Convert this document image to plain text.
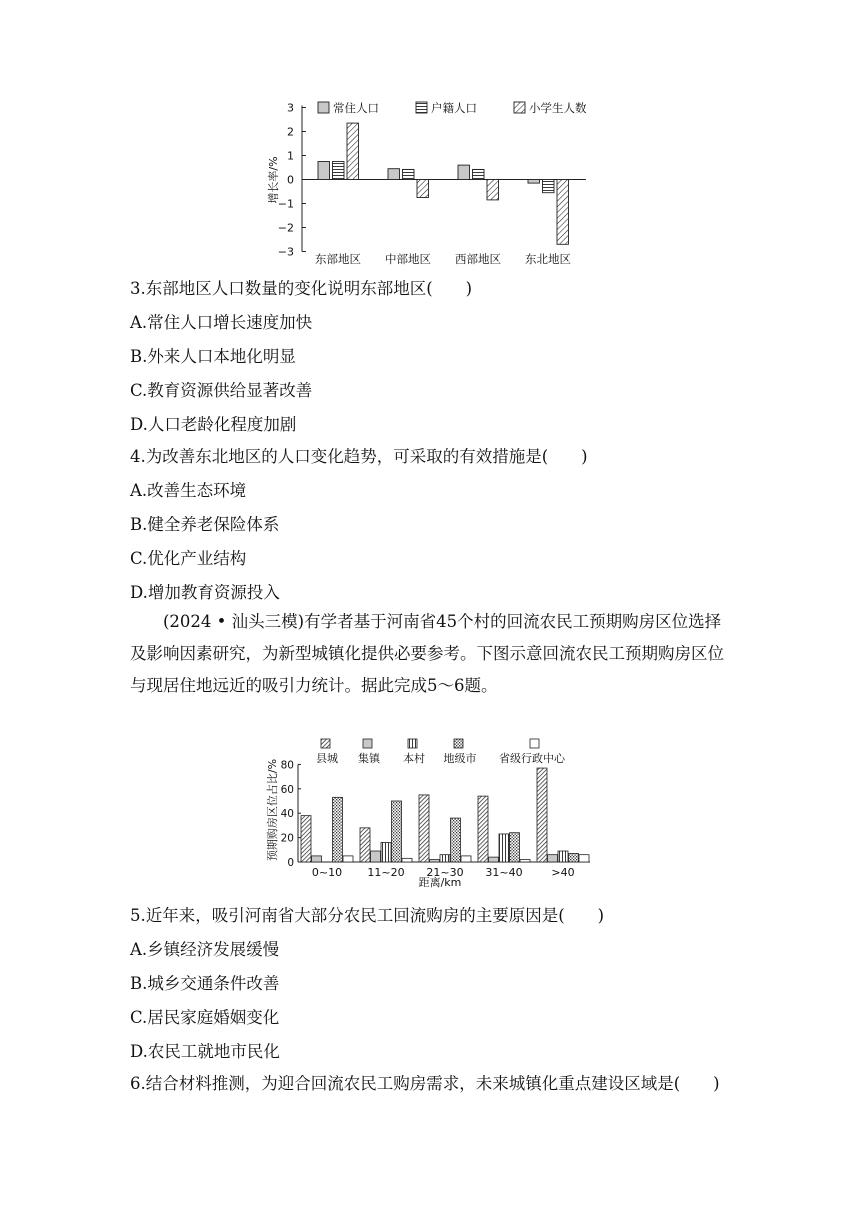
3
2
1
0
−1
−2
−3 东部地区 中部地区 西部地区 东北地区
常住人口	户籍人口	小学生人数
增长率/%
3.东部地区人口数量的变化说明东部地区(　　)
A.常住人口增长速度加快
B.外来人口本地化明显
C.教育资源供给显著改善
D.人口老龄化程度加剧
4.为改善东北地区的人口变化趋势，可采取的有效措施是(　　)
A.改善生态环境
B.健全养老保险体系
C.优化产业结构
D.增加教育资源投入
(2024 • 汕头三模)有学者基于河南省45个村的回流农民工预期购房区位选择及影响因素研究，为新型城镇化提供必要参考。下图示意回流农民工预期购房区位与现居住地远近的吸引力统计。据此完成5～6题。
80
60
40
20
0
0~10 11~20 21~30 31~40	>40
县城 集镇 本村 地级市 省级行政中心
预期购房区位占比/%
距离/km
5.近年来，吸引河南省大部分农民工回流购房的主要原因是(　　)
A.乡镇经济发展缓慢
B.城乡交通条件改善
C.居民家庭婚姻变化
D.农民工就地市民化
6.结合材料推测，为迎合回流农民工购房需求，未来城镇化重点建设区域是(　　)
